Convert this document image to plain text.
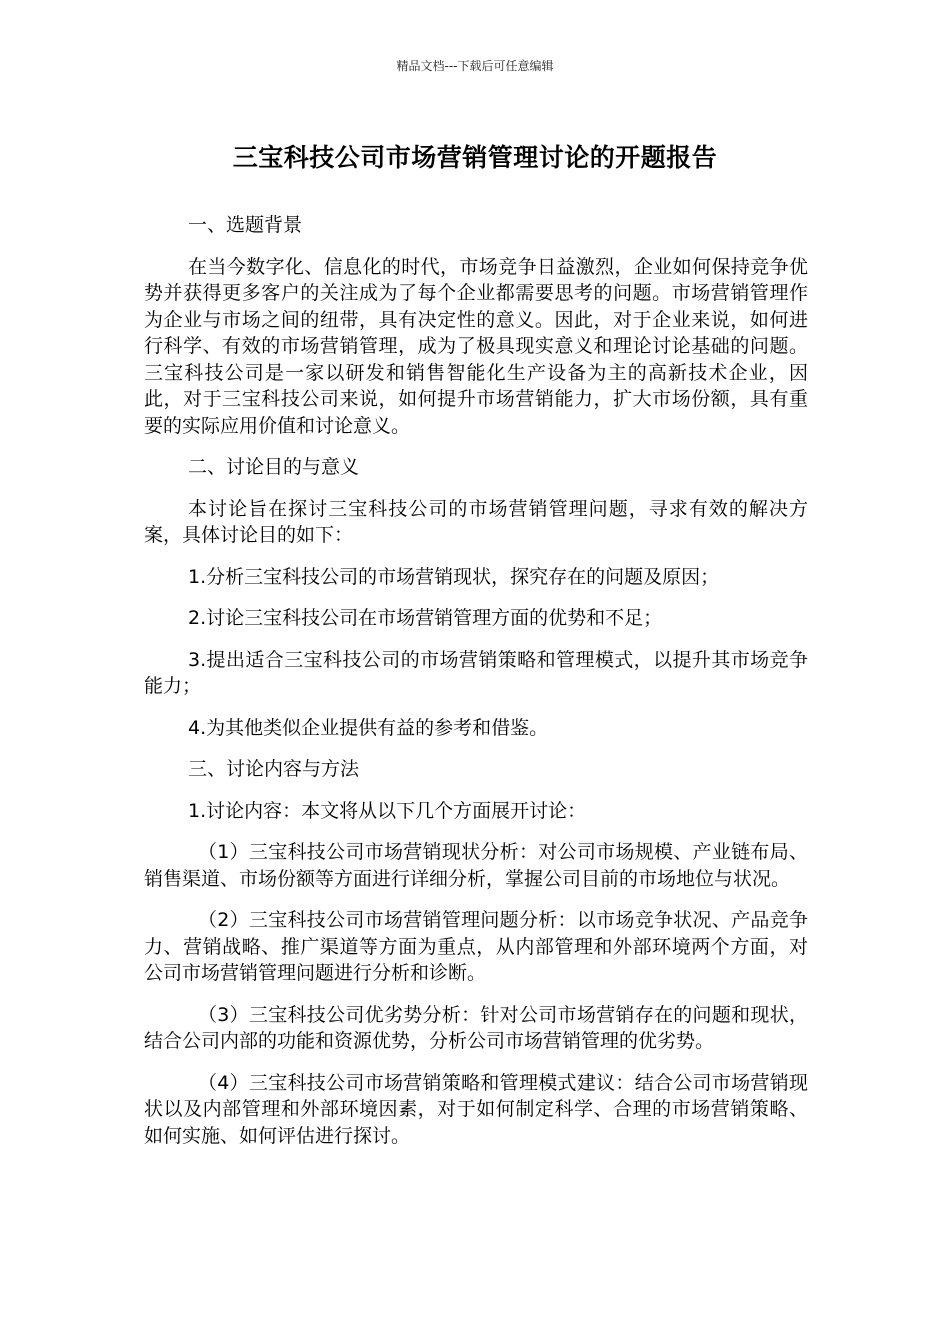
精品文档---下载后可任意编辑
三宝科技公司市场营销管理讨论的开题报告

一、选题背景

在当今数字化、信息化的时代，市场竞争日益激烈，企业如何保持竞争优势并获得更多客户的关注成为了每个企业都需要思考的问题。市场营销管理作为企业与市场之间的纽带，具有决定性的意义。因此，对于企业来说，如何进行科学、有效的市场营销管理，成为了极具现实意义和理论讨论基础的问题。三宝科技公司是一家以研发和销售智能化生产设备为主的高新技术企业，因此，对于三宝科技公司来说，如何提升市场营销能力，扩大市场份额，具有重要的实际应用价值和讨论意义。

二、讨论目的与意义

本讨论旨在探讨三宝科技公司的市场营销管理问题，寻求有效的解决方案，具体讨论目的如下：

1.分析三宝科技公司的市场营销现状，探究存在的问题及原因；

2.讨论三宝科技公司在市场营销管理方面的优势和不足；

3.提出适合三宝科技公司的市场营销策略和管理模式，以提升其市场竞争能力；

4.为其他类似企业提供有益的参考和借鉴。

三、讨论内容与方法

1.讨论内容：本文将从以下几个方面展开讨论：

（1）三宝科技公司市场营销现状分析：对公司市场规模、产业链布局、销售渠道、市场份额等方面进行详细分析，掌握公司目前的市场地位与状况。

（2）三宝科技公司市场营销管理问题分析：以市场竞争状况、产品竞争力、营销战略、推广渠道等方面为重点，从内部管理和外部环境两个方面，对公司市场营销管理问题进行分析和诊断。

（3）三宝科技公司优劣势分析：针对公司市场营销存在的问题和现状，结合公司内部的功能和资源优势，分析公司市场营销管理的优劣势。

（4）三宝科技公司市场营销策略和管理模式建议：结合公司市场营销现状以及内部管理和外部环境因素，对于如何制定科学、合理的市场营销策略、如何实施、如何评估进行探讨。
